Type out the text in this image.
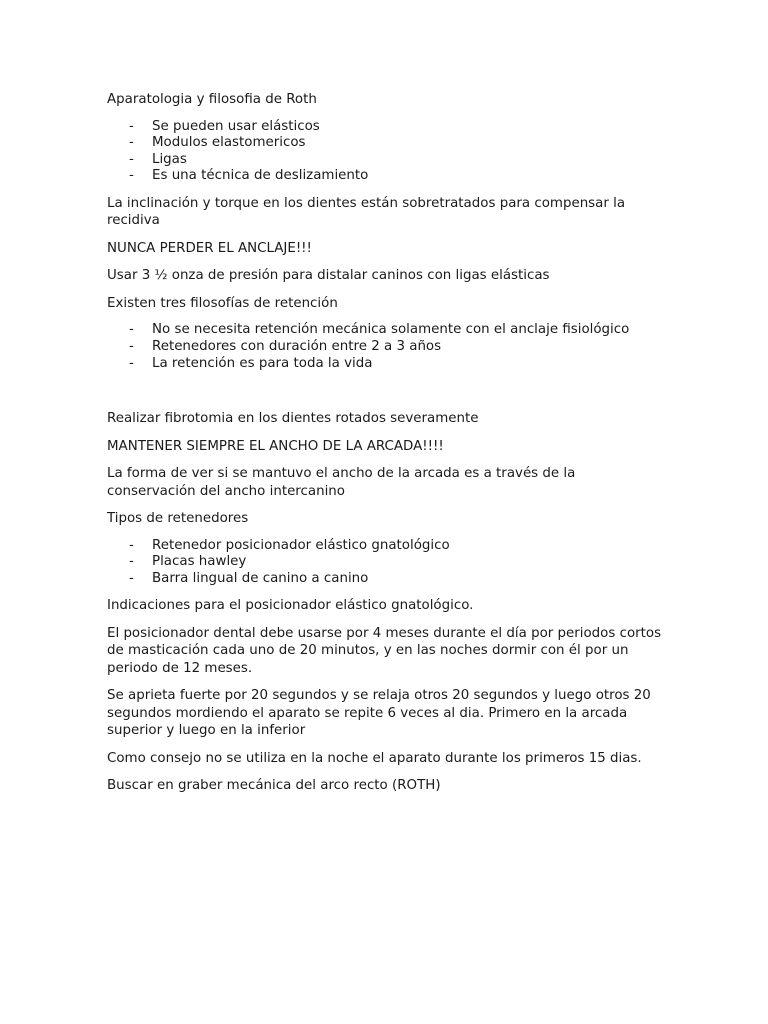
Aparatologia y filosofia de Roth
- Se pueden usar elásticos
- Modulos elastomericos
- Ligas
- Es una técnica de deslizamiento
La inclinación y torque en los dientes están sobretratados para compensar la recidiva
NUNCA PERDER EL ANCLAJE!!!
Usar 3 ½ onza de presión para distalar caninos con ligas elásticas
Existen tres filosofías de retención
- No se necesita retención mecánica solamente con el anclaje fisiológico
- Retenedores con duración entre 2 a 3 años
- La retención es para toda la vida
Realizar fibrotomia en los dientes rotados severamente
MANTENER SIEMPRE EL ANCHO DE LA ARCADA!!!!
La forma de ver si se mantuvo el ancho de la arcada es a través de la conservación del ancho intercanino
Tipos de retenedores
- Retenedor posicionador elástico gnatológico
- Placas hawley
- Barra lingual de canino a canino
Indicaciones para el posicionador elástico gnatológico.
El posicionador dental debe usarse por 4 meses durante el día por periodos cortos de masticación cada uno de 20 minutos, y en las noches dormir con él por un periodo de 12 meses.
Se aprieta fuerte por 20 segundos y se relaja otros 20 segundos y luego otros 20 segundos mordiendo el aparato se repite 6 veces al dia. Primero en la arcada superior y luego en la inferior
Como consejo no se utiliza en la noche el aparato durante los primeros 15 dias.
Buscar en graber mecánica del arco recto (ROTH)
